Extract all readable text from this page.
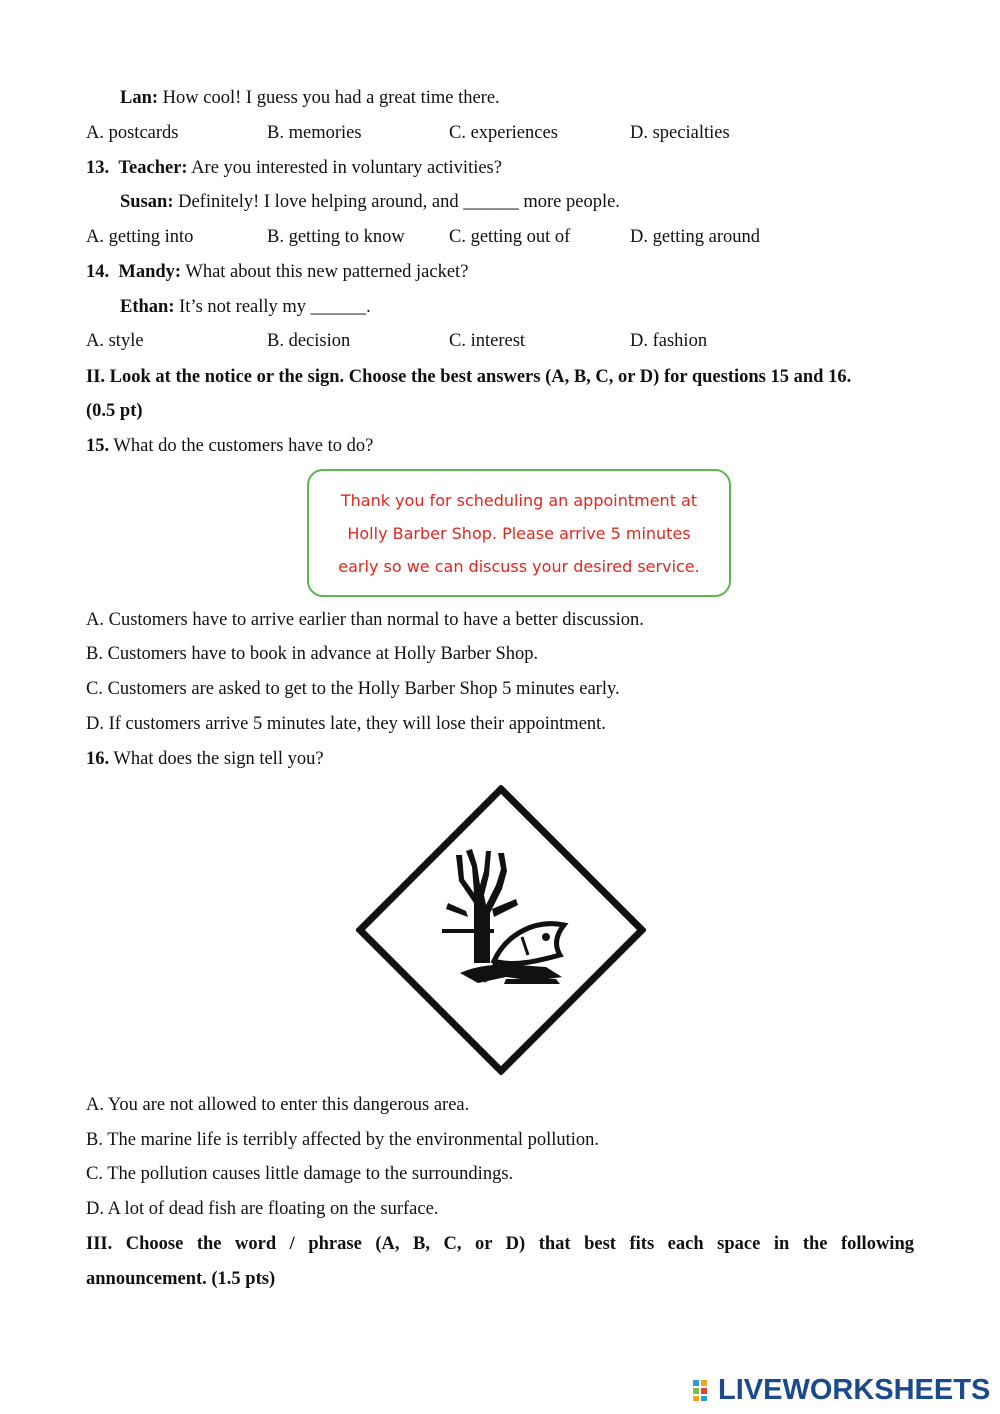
Lan: How cool! I guess you had a great time there.
A. postcards	B. memories	C. experiences	D. specialties
13. Teacher: Are you interested in voluntary activities?
Susan: Definitely! I love helping around, and ______ more people.
A. getting into	B. getting to know C. getting out of	D. getting around
14. Mandy: What about this new patterned jacket?
Ethan: It’s not really my ______.
A. style	B. decision	C. interest	D. fashion
II. Look at the notice or the sign. Choose the best answers (A, B, C, or D) for questions 15 and 16.
(0.5 pt)
15. What do the customers have to do?
Thank you for scheduling an appointment at
Holly Barber Shop. Please arrive 5 minutes
early so we can discuss your desired service.
A. Customers have to arrive earlier than normal to have a better discussion.
B. Customers have to book in advance at Holly Barber Shop.
C. Customers are asked to get to the Holly Barber Shop 5 minutes early.
D. If customers arrive 5 minutes late, they will lose their appointment.
16. What does the sign tell you?
A. You are not allowed to enter this dangerous area.
B. The marine life is terribly affected by the environmental pollution.
C. The pollution causes little damage to the surroundings.
D. A lot of dead fish are floating on the surface.
III. Choose the word / phrase (A, B, C, or D) that best fits each space in the following
announcement. (1.5 pts)
LIVEWORKSHEETS
